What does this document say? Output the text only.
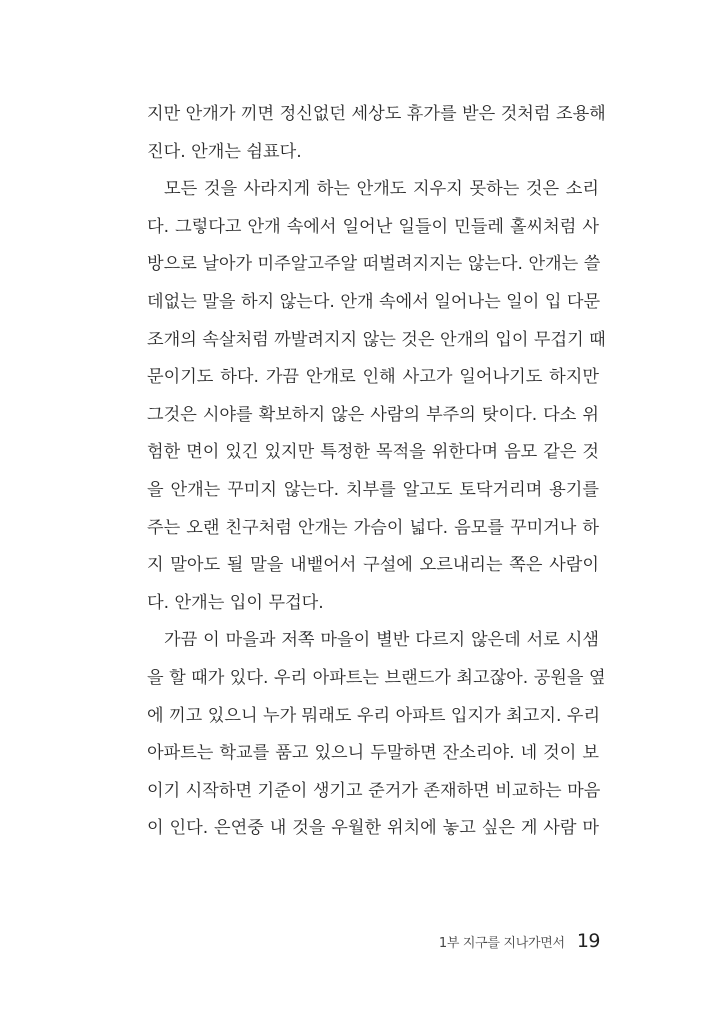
지만 안개가 끼면 정신없던 세상도 휴가를 받은 것처럼 조용해
진다. 안개는 쉼표다.
모든 것을 사라지게 하는 안개도 지우지 못하는 것은 소리
다. 그렇다고 안개 속에서 일어난 일들이 민들레 홀씨처럼 사
방으로 날아가 미주알고주알 떠벌려지지는 않는다. 안개는 쓸
데없는 말을 하지 않는다. 안개 속에서 일어나는 일이 입 다문
조개의 속살처럼 까발려지지 않는 것은 안개의 입이 무겁기 때
문이기도 하다. 가끔 안개로 인해 사고가 일어나기도 하지만
그것은 시야를 확보하지 않은 사람의 부주의 탓이다. 다소 위
험한 면이 있긴 있지만 특정한 목적을 위한다며 음모 같은 것
을 안개는 꾸미지 않는다. 치부를 알고도 토닥거리며 용기를
주는 오랜 친구처럼 안개는 가슴이 넓다. 음모를 꾸미거나 하
지 말아도 될 말을 내뱉어서 구설에 오르내리는 쪽은 사람이
다. 안개는 입이 무겁다.
가끔 이 마을과 저쪽 마을이 별반 다르지 않은데 서로 시샘
을 할 때가 있다. 우리 아파트는 브랜드가 최고잖아. 공원을 옆
에 끼고 있으니 누가 뭐래도 우리 아파트 입지가 최고지. 우리
아파트는 학교를 품고 있으니 두말하면 잔소리야. 네 것이 보
이기 시작하면 기준이 생기고 준거가 존재하면 비교하는 마음
이 인다. 은연중 내 것을 우월한 위치에 놓고 싶은 게 사람 마
1부 지구를 지나가면서 19
